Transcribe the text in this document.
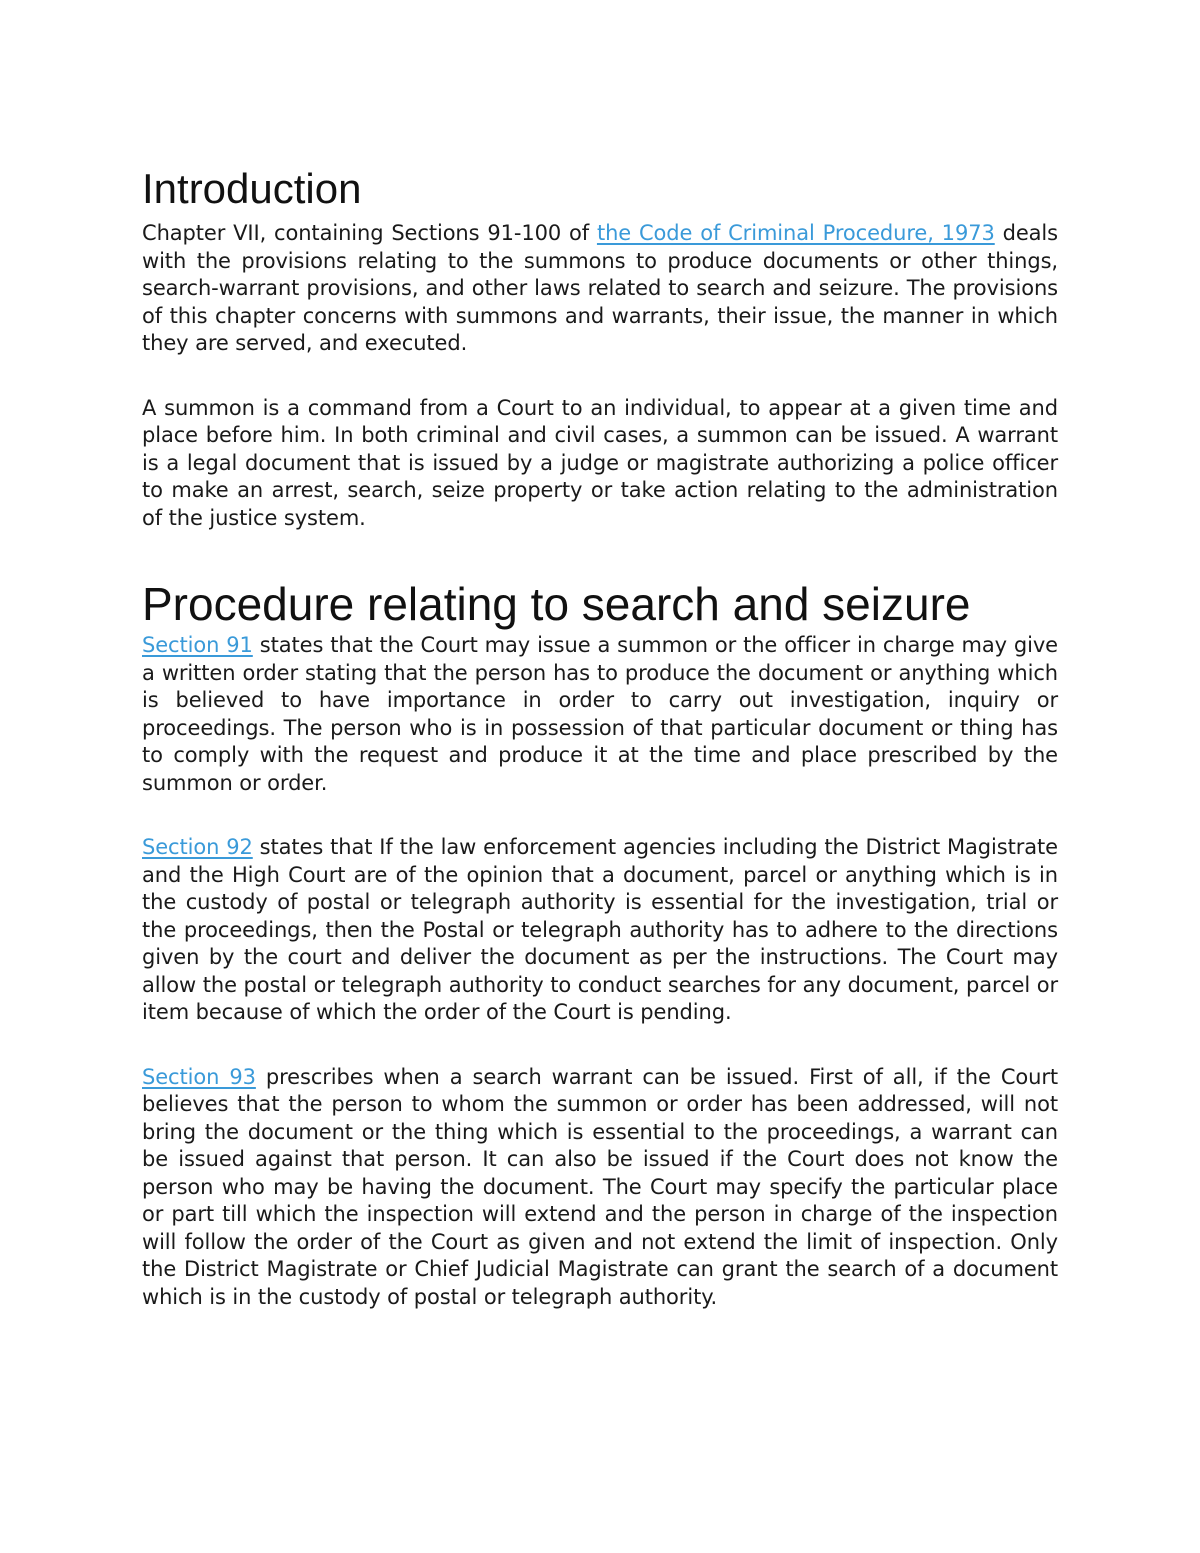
Introduction

Chapter VII, containing Sections 91-100 of the Code of Criminal Procedure, 1973 deals with the provisions relating to the summons to produce documents or other things, search-warrant provisions, and other laws related to search and seizure. The provisions of this chapter concerns with summons and warrants, their issue, the manner in which they are served, and executed.

A summon is a command from a Court to an individual, to appear at a given time and place before him. In both criminal and civil cases, a summon can be issued. A warrant is a legal document that is issued by a judge or magistrate authorizing a police officer to make an arrest, search, seize property or take action relating to the administration of the justice system.

Procedure relating to search and seizure

Section 91 states that the Court may issue a summon or the officer in charge may give a written order stating that the person has to produce the document or anything which is believed to have importance in order to carry out investigation, inquiry or proceedings. The person who is in possession of that particular document or thing has to comply with the request and produce it at the time and place prescribed by the summon or order.

Section 92 states that If the law enforcement agencies including the District Magistrate and the High Court are of the opinion that a document, parcel or anything which is in the custody of postal or telegraph authority is essential for the investigation, trial or the proceedings, then the Postal or telegraph authority has to adhere to the directions given by the court and deliver the document as per the instructions. The Court may allow the postal or telegraph authority to conduct searches for any document, parcel or item because of which the order of the Court is pending.

Section 93 prescribes when a search warrant can be issued. First of all, if the Court believes that the person to whom the summon or order has been addressed, will not bring the document or the thing which is essential to the proceedings, a warrant can be issued against that person. It can also be issued if the Court does not know the person who may be having the document. The Court may specify the particular place or part till which the inspection will extend and the person in charge of the inspection will follow the order of the Court as given and not extend the limit of inspection. Only the District Magistrate or Chief Judicial Magistrate can grant the search of a document which is in the custody of postal or telegraph authority.
